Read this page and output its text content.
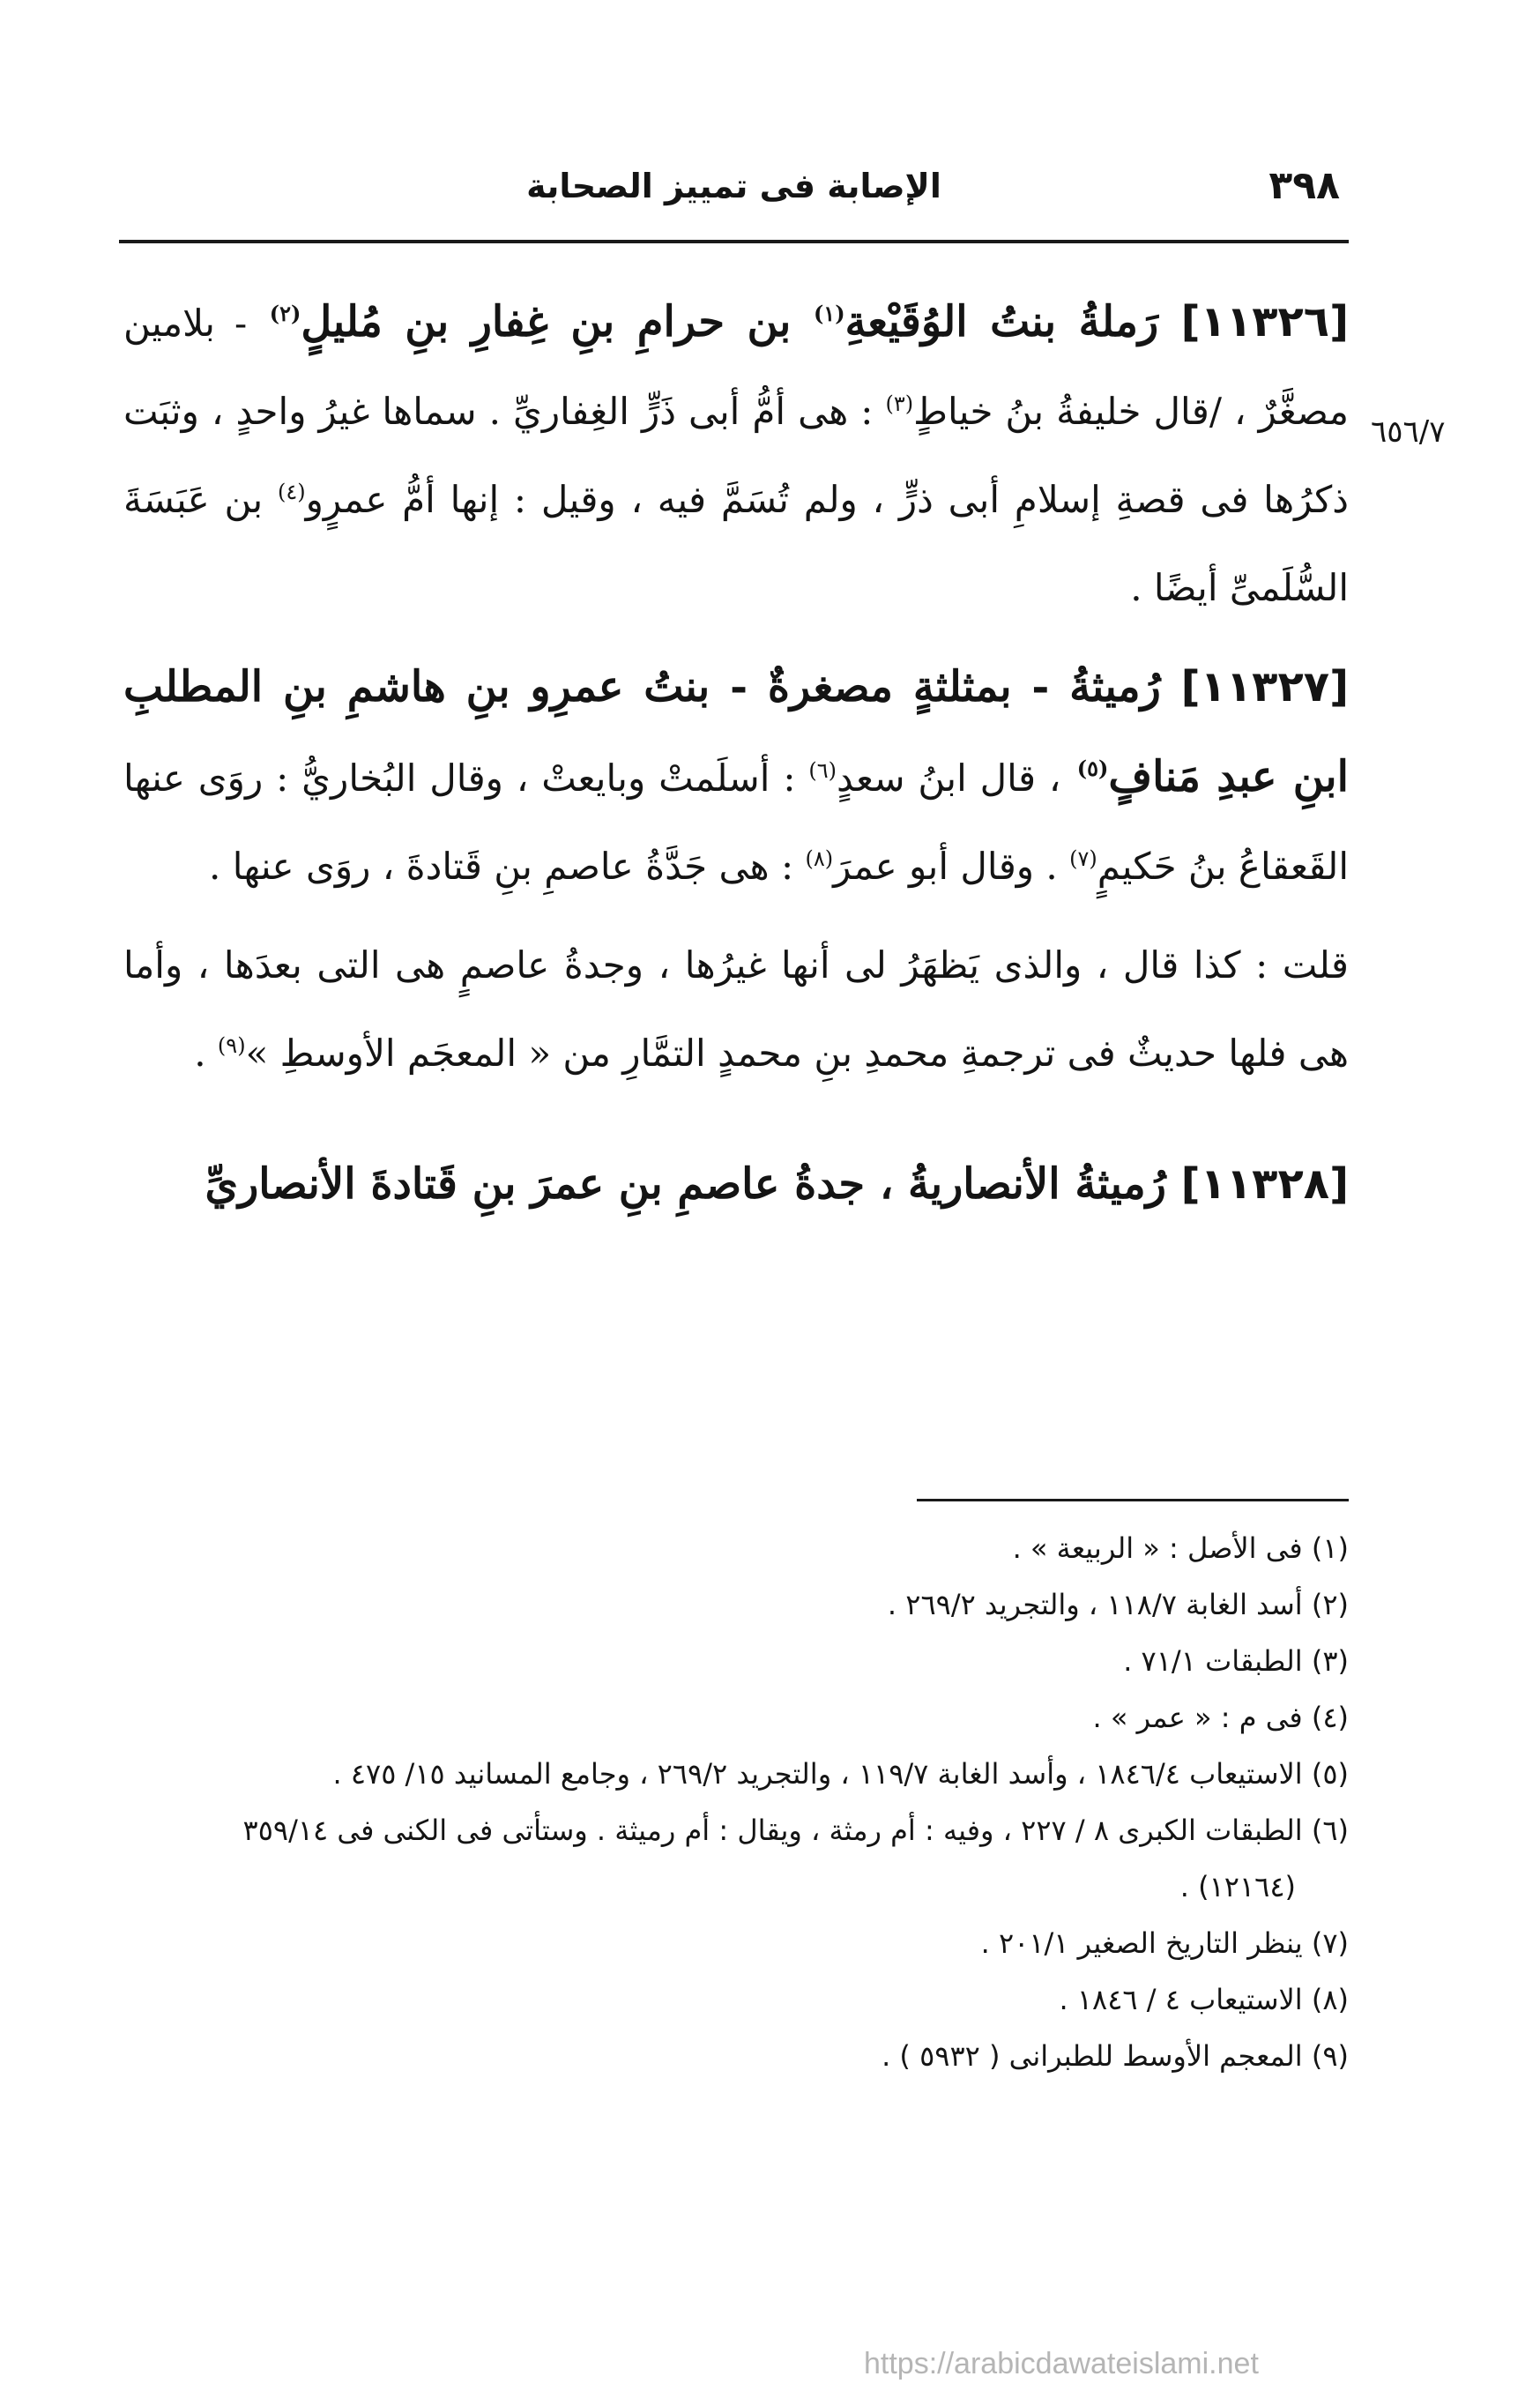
٣٩٨
الإصابة فى تمييز الصحابة
٦٥٦/٧

[١١٣٢٦] رَملةُ بنتُ الوُقَيْعةِ$^{(١)}$ بن حرامِ بنِ غِفارِ بنِ مُليلٍ$^{(٢)}$ - بلامين مصغَّرٌ ، /قال خليفةُ بنُ خياطٍ$^{(٣)}$ : هى أمُّ أبى ذَرٍّ الغِفاريِّ . سماها غيرُ واحدٍ ، وثبَت ذكرُها فى قصةِ إسلامِ أبى ذرٍّ ، ولم تُسَمَّ فيه ، وقيل : إنها أمُّ عمرٍو$^{(٤)}$ بن عَبَسَةَ السُّلَمىِّ أيضًا .

[١١٣٢٧] رُميثةُ - بمثلثةٍ مصغرةٌ - بنتُ عمرِو بنِ هاشمِ بنِ المطلبِ ابنِ عبدِ مَنافٍ$^{(٥)}$ ، قال ابنُ سعدٍ$^{(٦)}$ : أسلَمتْ وبايعتْ ، وقال البُخاريُّ : روَى عنها القَعقاعُ بنُ حَكيمٍ$^{(٧)}$ . وقال أبو عمرَ$^{(٨)}$ : هى جَدَّةُ عاصمِ بنِ قَتادةَ ، روَى عنها .

قلت : كذا قال ، والذى يَظهَرُ لى أنها غيرُها ، وجدةُ عاصمٍ هى التى بعدَها ، وأما هى فلها حديثٌ فى ترجمةِ محمدِ بنِ محمدٍ التمَّارِ من « المعجَم الأوسطِ »$^{(٩)}$ .

[١١٣٢٨] رُميثةُ الأنصاريةُ ، جدةُ عاصمِ بنِ عمرَ بنِ قَتادةَ الأنصاريِّ

(١) فى الأصل : « الربيعة » .
(٢) أسد الغابة ١١٨/٧ ، والتجريد ٢٦٩/٢ .
(٣) الطبقات ٧١/١ .
(٤) فى م : « عمر » .
(٥) الاستيعاب ١٨٤٦/٤ ، وأسد الغابة ١١٩/٧ ، والتجريد ٢٦٩/٢ ، وجامع المسانيد ١٥/ ٤٧٥ .
(٦) الطبقات الكبرى ٨ / ٢٢٧ ، وفيه : أم رمثة ، ويقال : أم رميثة . وستأتى فى الكنى فى ٣٥٩/١٤
(١٢١٦٤) .
(٧) ينظر التاريخ الصغير ٢٠١/١ .
(٨) الاستيعاب ٤ / ١٨٤٦ .
(٩) المعجم الأوسط للطبرانى ( ٥٩٣٢ ) .
https://arabicdawateislami.net
